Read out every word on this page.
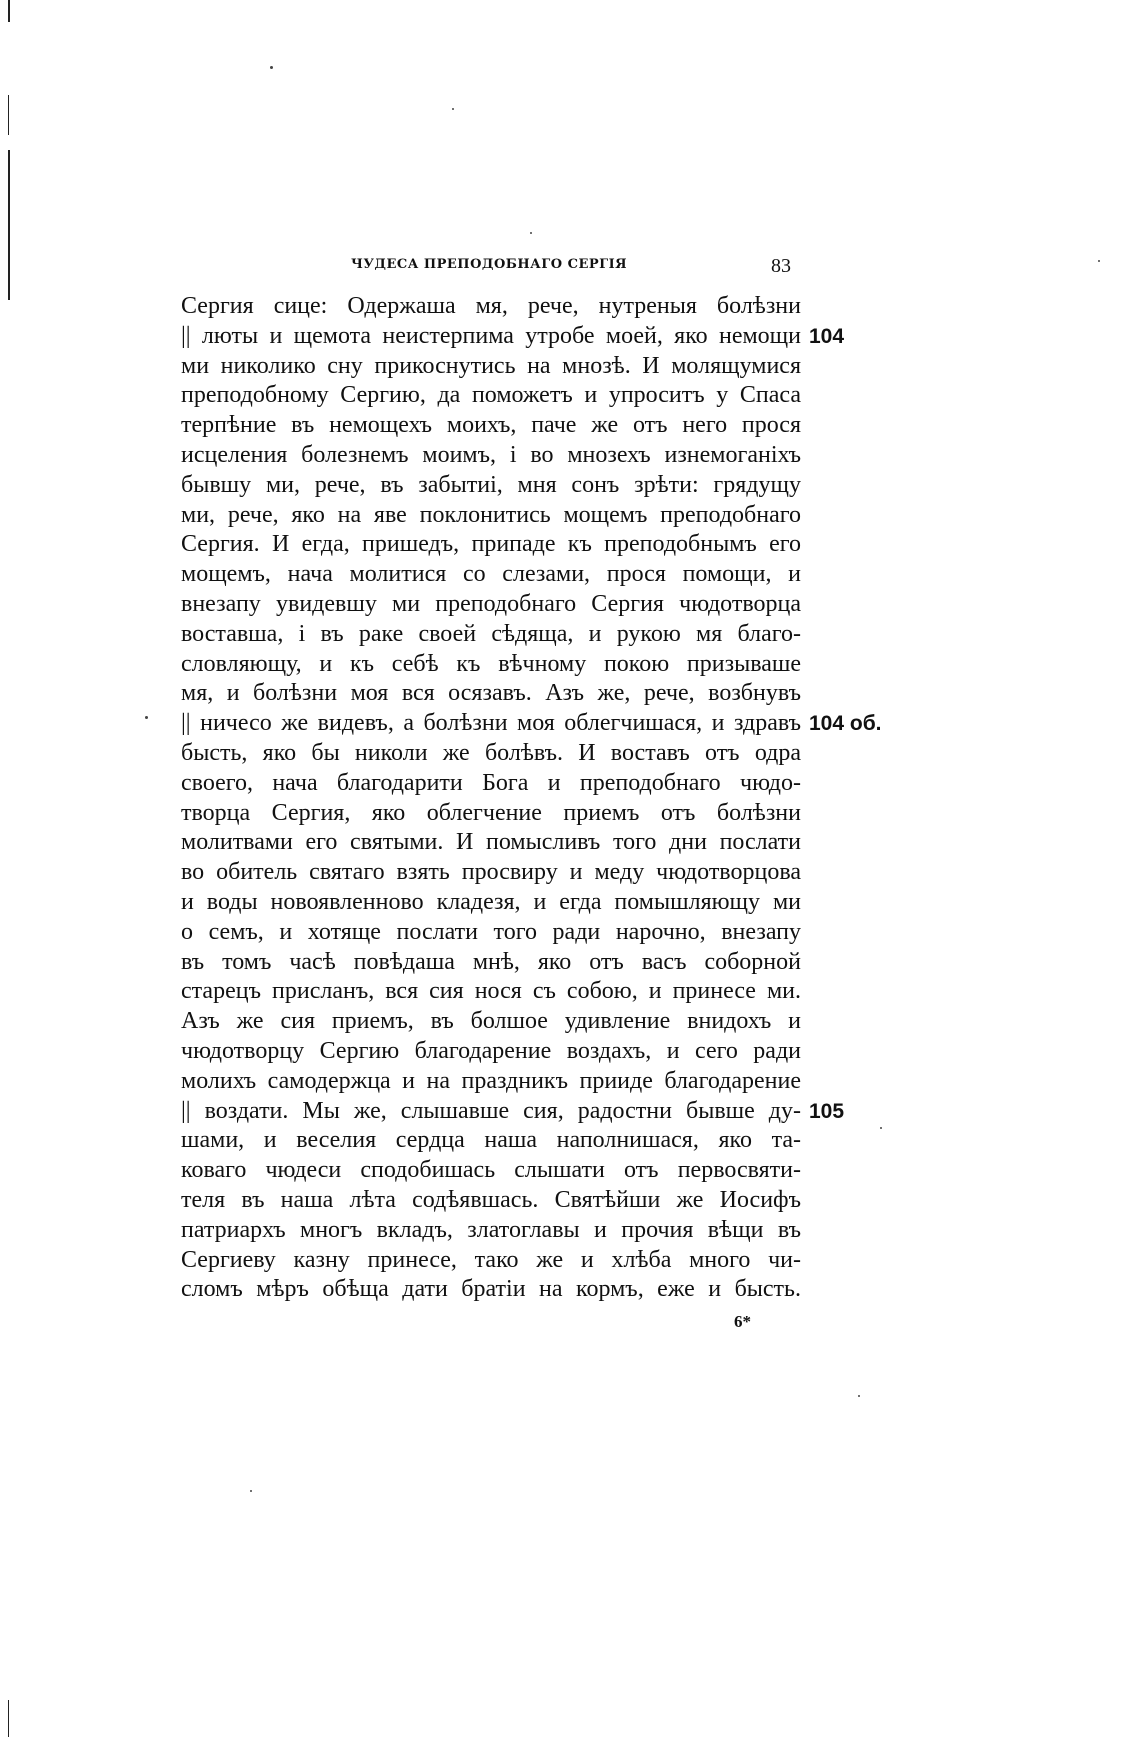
ЧУДЕСА ПРЕПОДОБНАГО СЕРГІЯ	83
Сергия сице: Одержаша мя, рече, нутреныя болѣзни
|| люты и щемота неистерпима утробе моей, яко немощи 104
ми николико сну прикоснутись на мнозѣ. И молящумися
преподобному Сергию, да поможетъ и упроситъ у Спаса
терпѣние въ немощехъ моихъ, паче же отъ него прося
исцеления болезнемъ моимъ, і во мнозехъ изнемоганіхъ
бывшу ми, рече, въ забытиі, мня сонъ зрѣти: грядущу
ми, рече, яко на яве поклонитись мощемъ преподобнаго
Сергия. И егда, пришедъ, припаде къ преподобнымъ его
мощемъ, нача молитися со слезами, прося помощи, и
внезапу увидевшу ми преподобнаго Сергия чюдотворца
воставша, і въ раке своей сѣдяща, и рукою мя благо-
словляющу, и къ себѣ къ вѣчному покою призываше
мя, и болѣзни моя вся осязавъ. Азъ же, рече, возбнувъ
|| ничесо же видевъ, а болѣзни моя облегчишася, и здравъ 104 об.
бысть, яко бы николи же болѣвъ. И воставъ отъ одра
своего, нача благодарити Бога и преподобнаго чюдо-
творца Сергия, яко облегчение приемъ отъ болѣзни
молитвами его святыми. И помысливъ того дни послати
во обитель святаго взять просвиру и меду чюдотворцова
и воды новоявленново кладезя, и егда помышляющу ми
о семъ, и хотяще послати того ради нарочно, внезапу
въ томъ часѣ повѣдаша мнѣ, яко отъ васъ соборной
старецъ присланъ, вся сия нося съ собою, и принесе ми.
Азъ же сия приемъ, въ болшое удивление внидохъ и
чюдотворцу Сергию благодарение воздахъ, и сего ради
молихъ самодержца и на праздникъ прииде благодарение
|| воздати. Мы же, слышавше сия, радостни бывше ду- 105
шами, и веселия сердца наша наполнишася, яко та-
коваго чюдеси сподобишась слышати отъ первосвяти-
теля въ наша лѣта содѣявшась. Святѣйши же Иосифъ
патриархъ многъ вкладъ, златоглавы и прочия вѣщи въ
Сергиеву казну принесе, тако же и хлѣба много чи-
сломъ мѣръ обѣща дати братіи на кормъ, еже и бысть.
6*
